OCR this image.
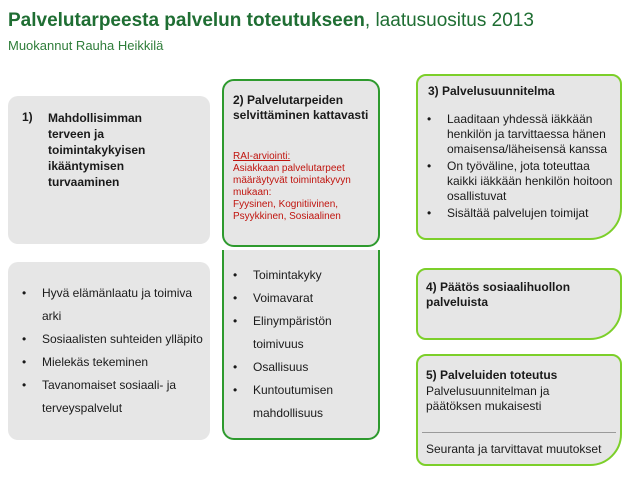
Palvelutarpeesta palvelun toteutukseen, laatusuositus 2013
Muokannut Rauha Heikkilä
1) Mahdollisimman terveen ja toimintakykyisen ikääntymisen turvaaminen
• Hyvä elämänlaatu ja toimiva arki
• Sosiaalisten suhteiden ylläpito
• Mielekäs tekeminen
• Tavanomaiset sosiaali- ja terveyspalvelut
2) Palvelutarpeiden selvittäminen kattavasti
RAI-arviointi:
Asiakkaan palvelutarpeet määräytyvät toimintakyvyn mukaan:
Fyysinen, Kognitiivinen, Psyykkinen, Sosiaalinen
• Toimintakyky
• Voimavarat
• Elinympäristön toimivuus
• Osallisuus
• Kuntoutumisen mahdollisuus
3) Palvelusuunnitelma
• Laaditaan yhdessä iäkkään henkilön ja tarvittaessa hänen omaisensa/läheisensä kanssa
• On työväline, jota toteuttaa kaikki iäkkään henkilön hoitoon osallistuvat
• Sisältää palvelujen toimijat
4) Päätös sosiaalihuollon palveluista
5) Palveluiden toteutus
Palvelusuunnitelman ja päätöksen mukaisesti
Seuranta ja tarvittavat muutokset
